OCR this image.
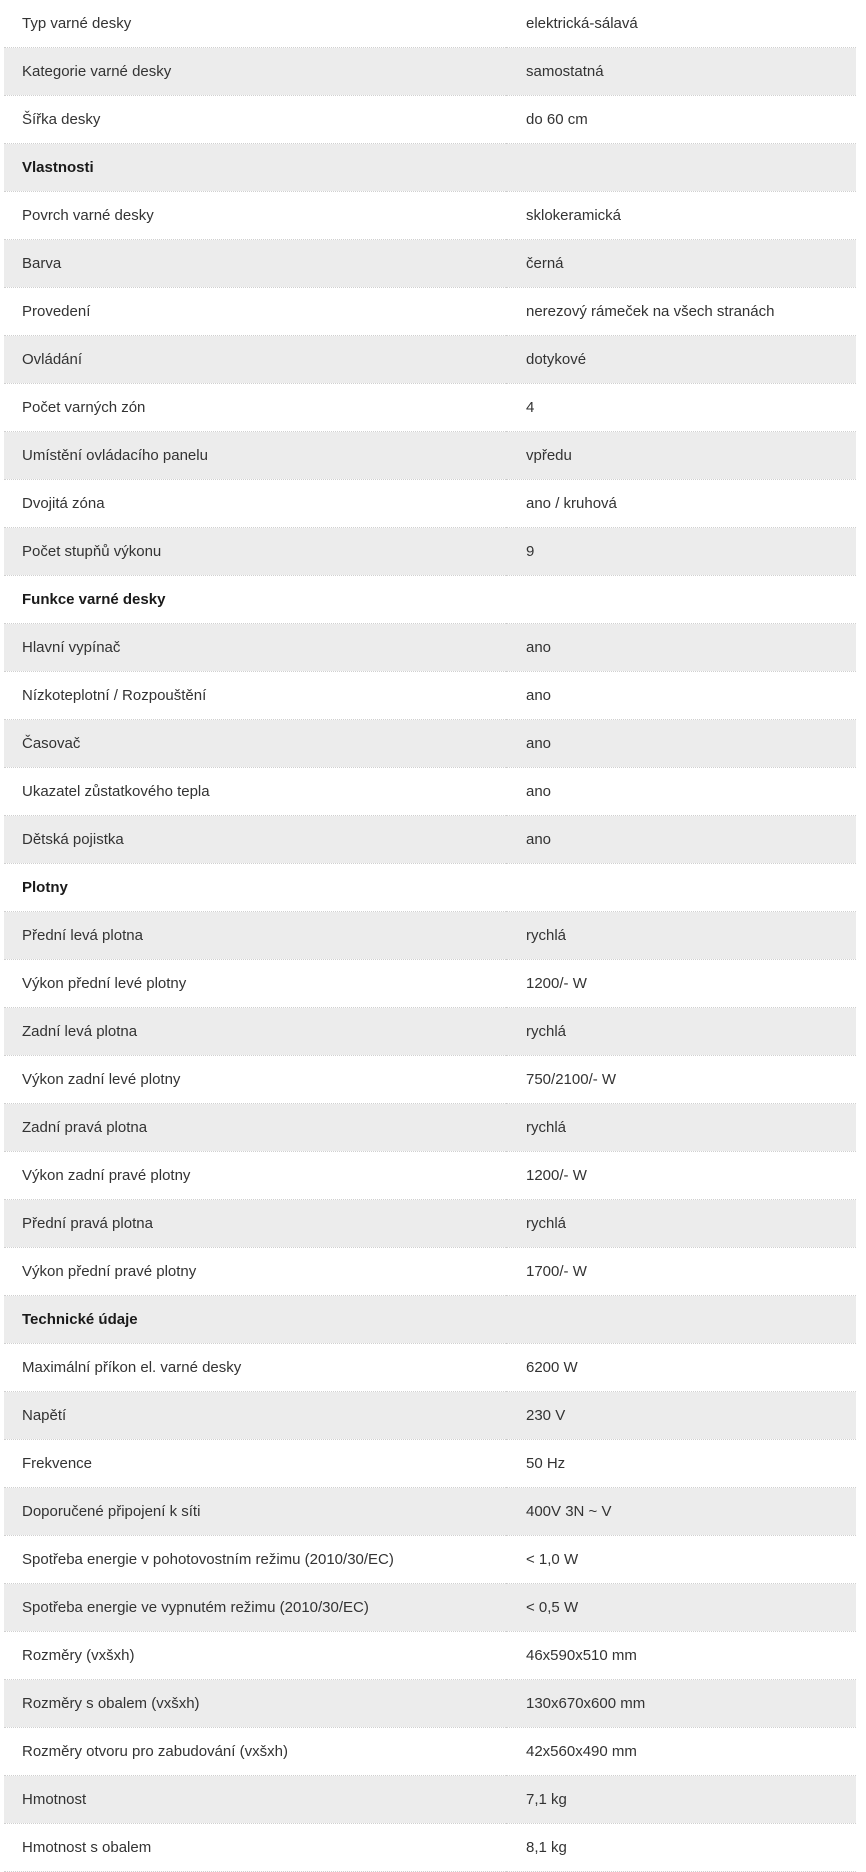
Typ varné desky	elektrická-sálavá
Kategorie varné desky	samostatná
Šířka desky	do 60 cm
Vlastnosti	
Povrch varné desky	sklokeramická
Barva	černá
Provedení	nerezový rámeček na všech stranách
Ovládání	dotykové
Počet varných zón	4
Umístění ovládacího panelu	vpředu
Dvojitá zóna	ano / kruhová
Počet stupňů výkonu	9
Funkce varné desky	
Hlavní vypínač	ano
Nízkoteplotní / Rozpouštění	ano
Časovač	ano
Ukazatel zůstatkového tepla	ano
Dětská pojistka	ano
Plotny	
Přední levá plotna	rychlá
Výkon přední levé plotny	1200/- W
Zadní levá plotna	rychlá
Výkon zadní levé plotny	750/2100/- W
Zadní pravá plotna	rychlá
Výkon zadní pravé plotny	1200/- W
Přední pravá plotna	rychlá
Výkon přední pravé plotny	1700/- W
Technické údaje	
Maximální příkon el. varné desky	6200 W
Napětí	230 V
Frekvence	50 Hz
Doporučené připojení k síti	400V 3N ~ V
Spotřeba energie v pohotovostním režimu (2010/30/EC)	< 1,0 W
Spotřeba energie ve vypnutém režimu (2010/30/EC)	< 0,5 W
Rozměry (vxšxh)	46x590x510 mm
Rozměry s obalem (vxšxh)	130x670x600 mm
Rozměry otvoru pro zabudování (vxšxh)	42x560x490 mm
Hmotnost	7,1 kg
Hmotnost s obalem	8,1 kg
